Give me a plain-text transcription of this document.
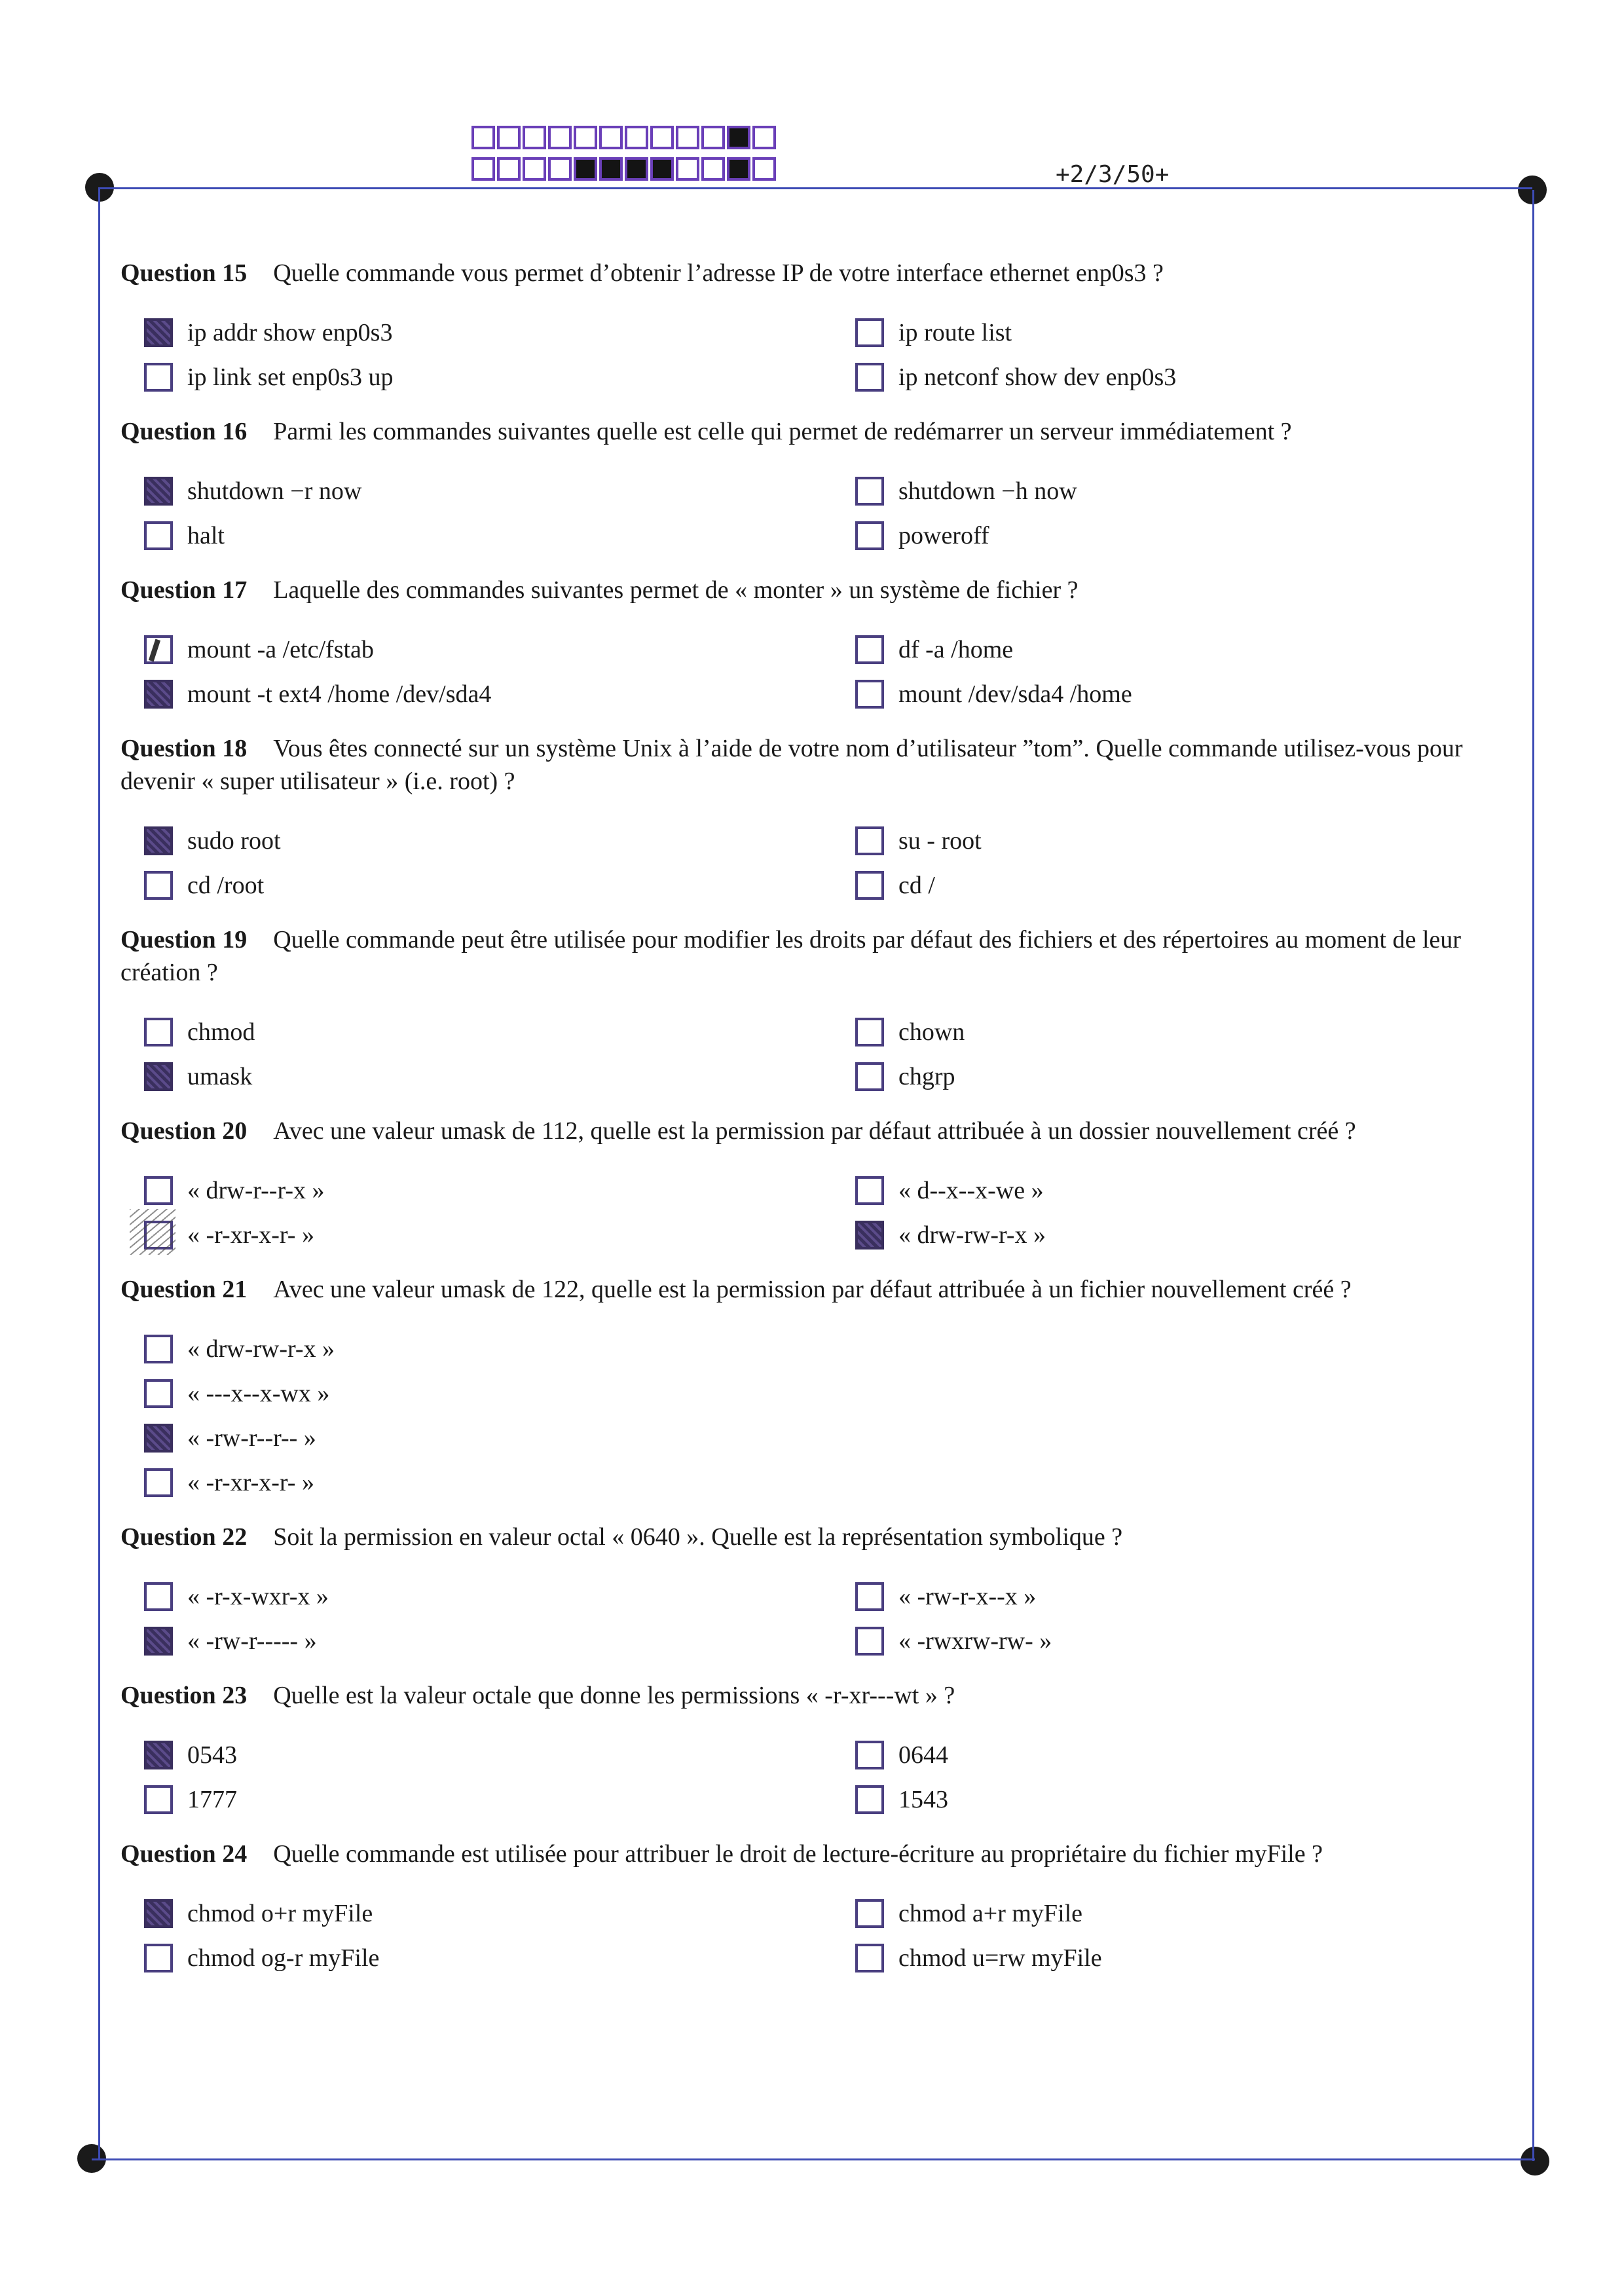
+2/3/50+
Question 15 Quelle commande vous permet d’obtenir l’adresse IP de votre interface ethernet enp0s3 ?
ip addr show enp0s3	ip route list
ip link set enp0s3 up	ip netconf show dev enp0s3
Question 16 Parmi les commandes suivantes quelle est celle qui permet de redémarrer un serveur immédiatement ?
shutdown −r now	shutdown −h now
halt	poweroff
Question 17 Laquelle des commandes suivantes permet de « monter » un système de fichier ?
mount -a /etc/fstab	df -a /home
mount -t ext4 /home /dev/sda4	mount /dev/sda4 /home
Question 18 Vous êtes connecté sur un système Unix à l’aide de votre nom d’utilisateur ”tom”. Quelle commande utilisez-vous pour devenir « super utilisateur » (i.e. root) ?
sudo root	su - root
cd /root	cd /
Question 19 Quelle commande peut être utilisée pour modifier les droits par défaut des fichiers et des répertoires au moment de leur création ?
chmod	chown
umask	chgrp
Question 20 Avec une valeur umask de 112, quelle est la permission par défaut attribuée à un dossier nouvellement créé ?
« drw-r--r-x »	« d--x--x-we »
« -r-xr-x-r- »	« drw-rw-r-x »
Question 21 Avec une valeur umask de 122, quelle est la permission par défaut attribuée à un fichier nouvellement créé ?
« drw-rw-r-x »
« ---x--x-wx »
« -rw-r--r-- »
« -r-xr-x-r- »
Question 22 Soit la permission en valeur octal « 0640 ». Quelle est la représentation symbolique ?
« -r-x-wxr-x »	« -rw-r-x--x »
« -rw-r----- »	« -rwxrw-rw- »
Question 23 Quelle est la valeur octale que donne les permissions « -r-xr---wt » ?
0543	0644
1777	1543
Question 24 Quelle commande est utilisée pour attribuer le droit de lecture-écriture au propriétaire du fichier myFile ?
chmod o+r myFile	chmod a+r myFile
chmod og-r myFile	chmod u=rw myFile
